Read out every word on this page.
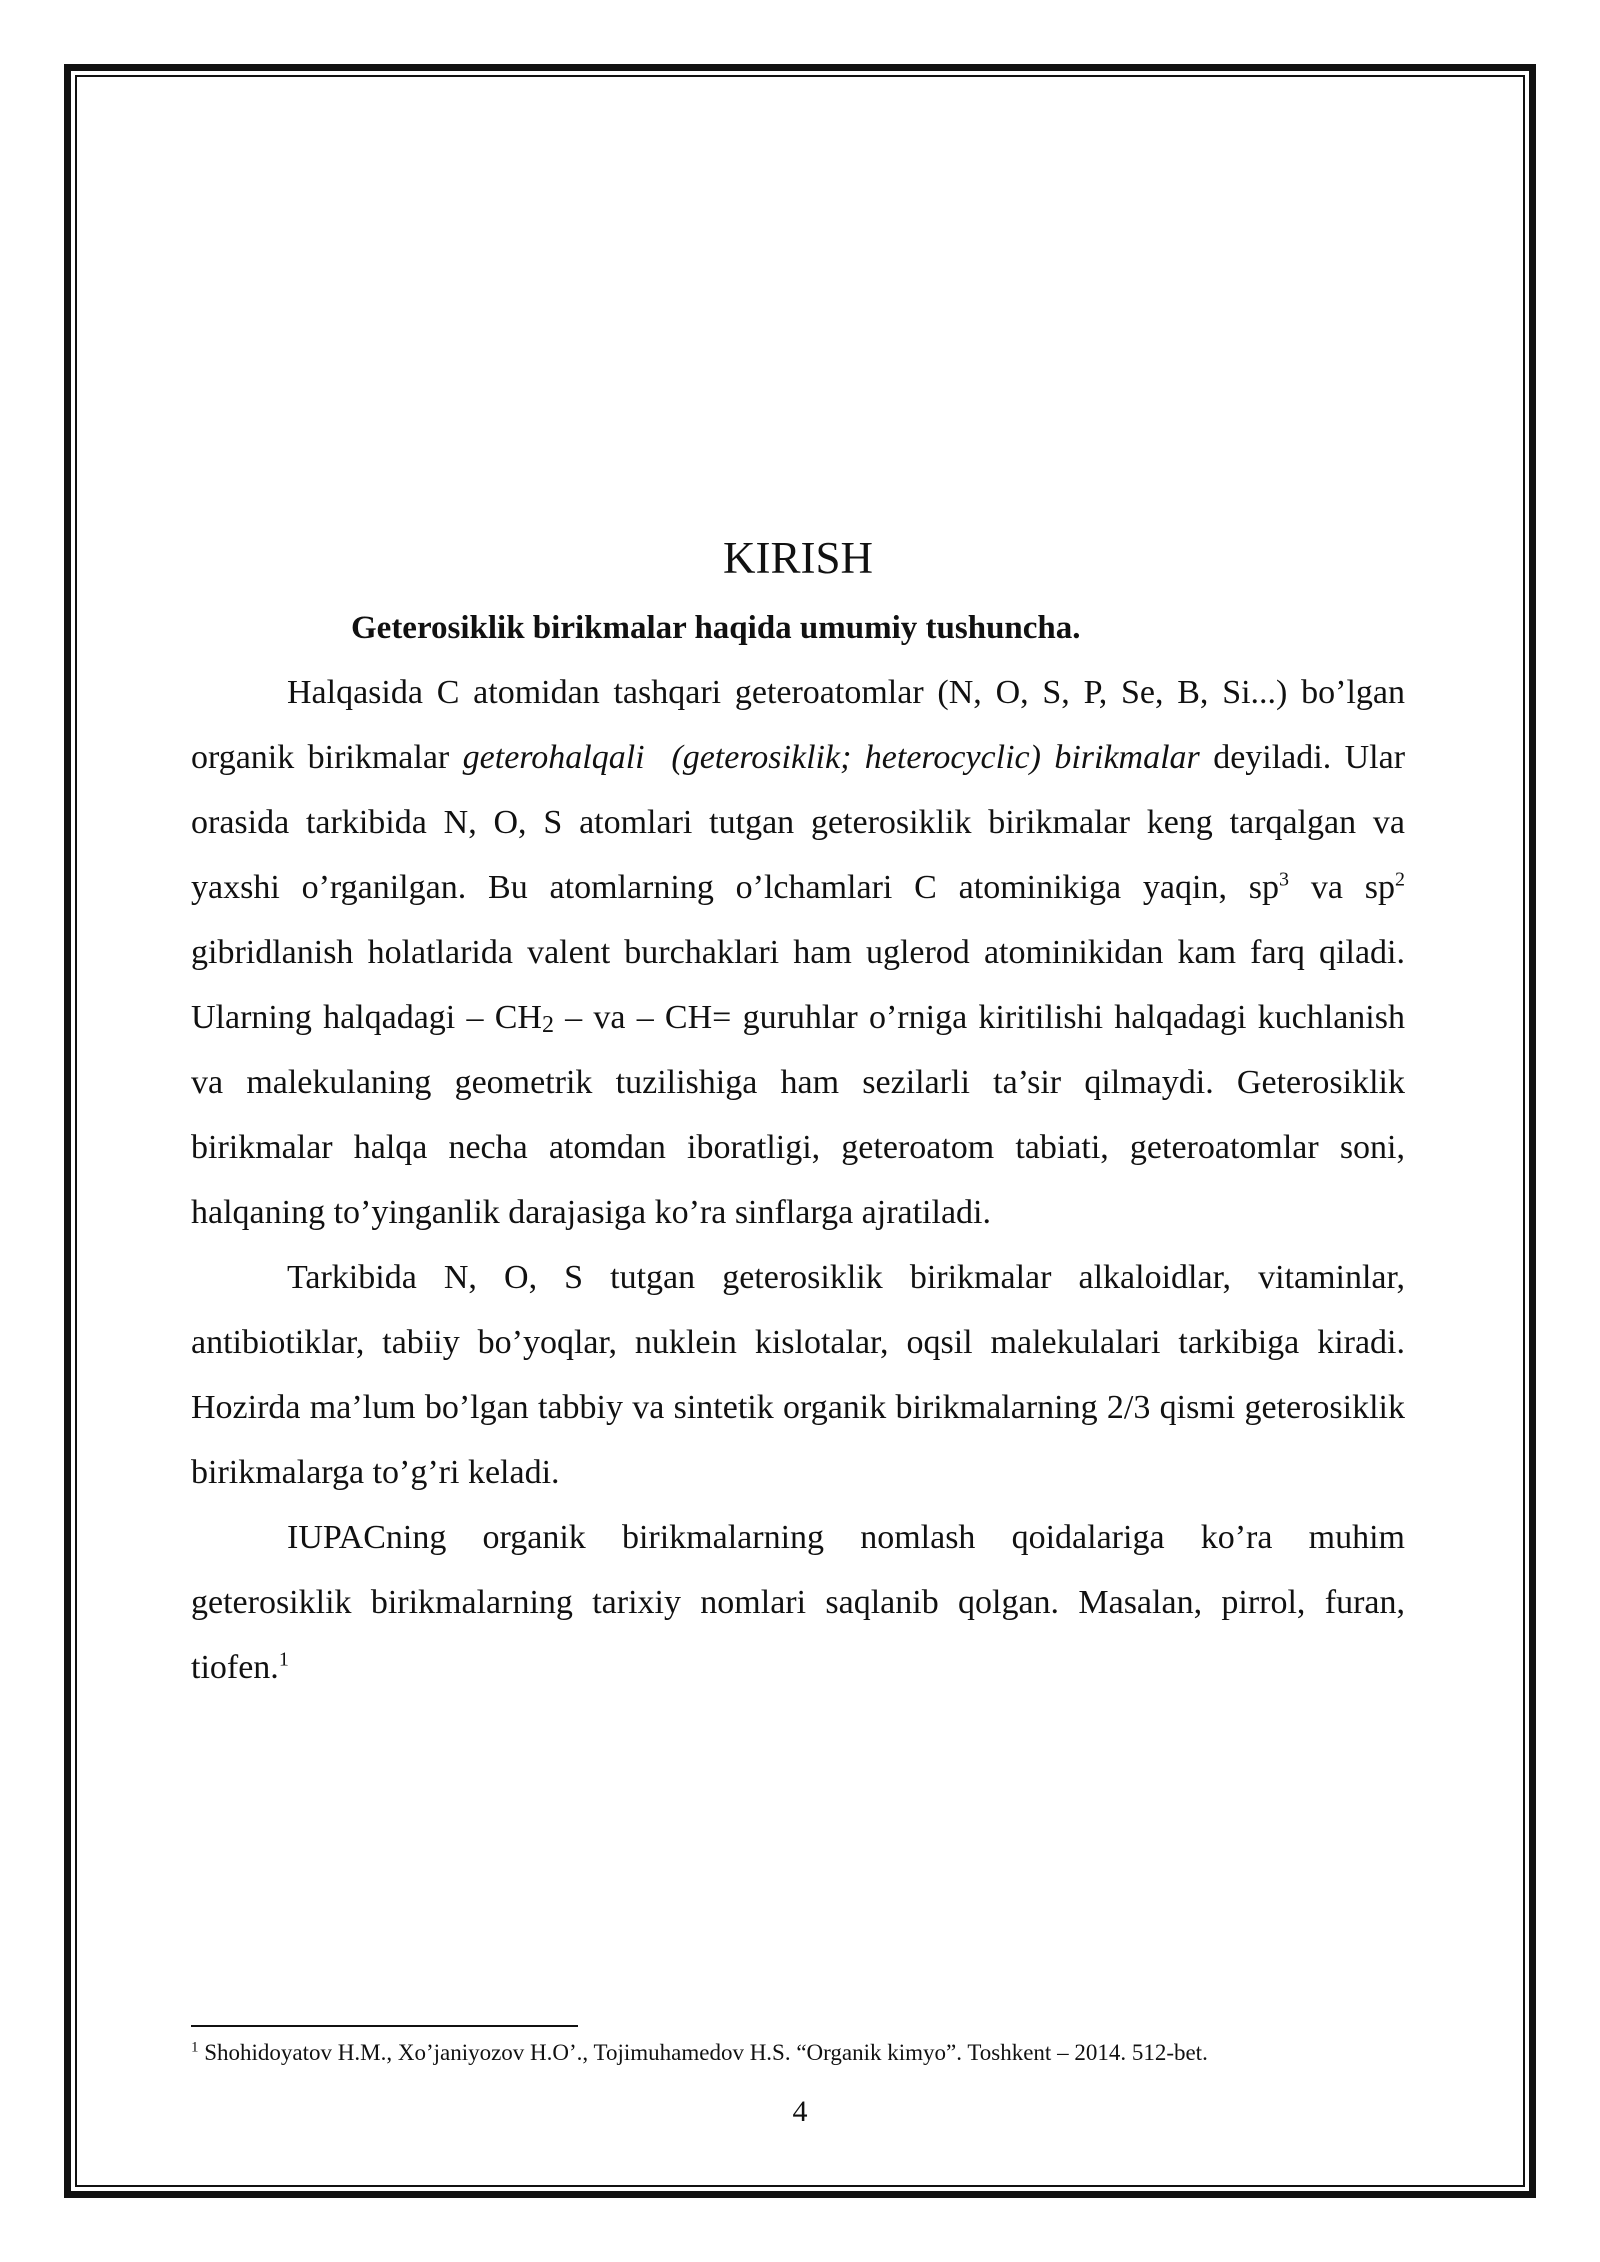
KIRISH

Geterosiklik birikmalar haqida umumiy tushuncha.

Halqasida C atomidan tashqari geteroatomlar (N, O, S, P, Se, B, Si...) bo’lgan organik birikmalar geterohalqali (geterosiklik; heterocyclic) birikmalar deyiladi. Ular orasida tarkibida N, O, S atomlari tutgan geterosiklik birikmalar keng tarqalgan va yaxshi o’rganilgan. Bu atomlarning o’lchamlari C atominikiga yaqin, $sp^3$ va $sp^2$ gibridlanish holatlarida valent burchaklari ham uglerod atominikidan kam farq qiladi. Ularning halqadagi – $CH_2$ – va – CH= guruhlar o’rniga kiritilishi halqadagi kuchlanish va malekulaning geometrik tuzilishiga ham sezilarli ta’sir qilmaydi. Geterosiklik birikmalar halqa necha atomdan iboratligi, geteroatom tabiati, geteroatomlar soni, halqaning to’yinganlik darajasiga ko’ra sinflarga ajratiladi.

Tarkibida N, O, S tutgan geterosiklik birikmalar alkaloidlar, vitaminlar, antibiotiklar, tabiiy bo’yoqlar, nuklein kislotalar, oqsil malekulalari tarkibiga kiradi. Hozirda ma’lum bo’lgan tabbiy va sintetik organik birikmalarning 2/3 qismi geterosiklik birikmalarga to’g’ri keladi.

IUPACning organik birikmalarning nomlash qoidalariga ko’ra muhim geterosiklik birikmalarning tarixiy nomlari saqlanib qolgan. Masalan, pirrol, furan, tiofen.$^1$

$^1$ Shohidoyatov H.M., Xo’janiyozov H.O’., Tojimuhamedov H.S. “Organik kimyo”. Toshkent – 2014. 512-bet.
4
